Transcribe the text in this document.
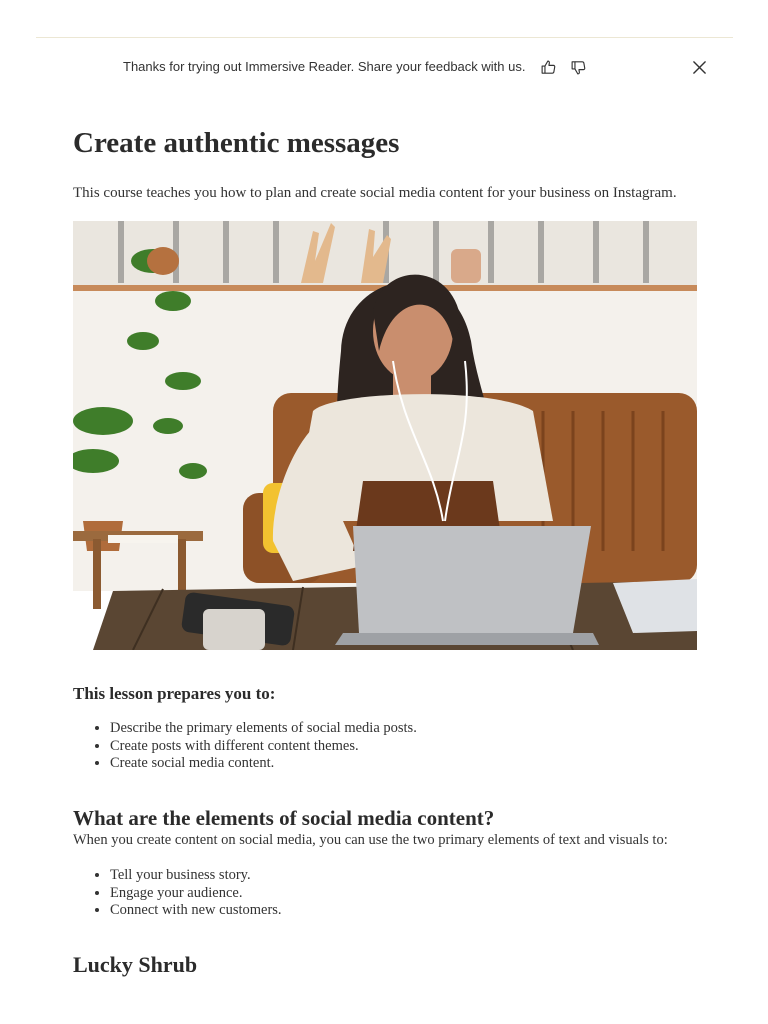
Thanks for trying out Immersive Reader. Share your feedback with us.
Create authentic messages

This course teaches you how to plan and create social media content for your business on Instagram.

This lesson prepares you to:
• Describe the primary elements of social media posts.
• Create posts with different content themes.
• Create social media content.
What are the elements of social media content?

When you create content on social media, you can use the two primary elements of text and visuals to:

• Tell your business story.
• Engage your audience.
• Connect with new customers.
Lucky Shrub
